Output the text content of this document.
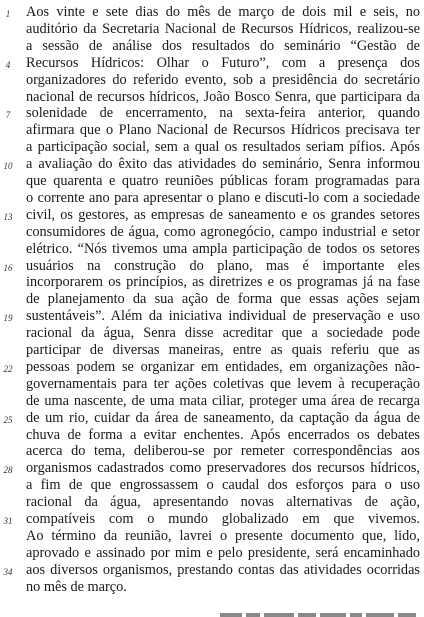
1 Aos vinte e sete dias do mês de março de dois mil e seis, no
auditório da Secretaria Nacional de Recursos Hídricos, realizou-se
a sessão de análise dos resultados do seminário “Gestão de
4 Recursos Hídricos: Olhar o Futuro”, com a presença dos
organizadores do referido evento, sob a presidência do secretário
nacional de recursos hídricos, João Bosco Senra, que participara da
7 solenidade de encerramento, na sexta-feira anterior, quando
afirmara que o Plano Nacional de Recursos Hídricos precisava ter
a participação social, sem a qual os resultados seriam pífios. Após
10 a avaliação do êxito das atividades do seminário, Senra informou
que quarenta e quatro reuniões públicas foram programadas para
o corrente ano para apresentar o plano e discuti-lo com a sociedade
13 civil, os gestores, as empresas de saneamento e os grandes setores
consumidores de água, como agronegócio, campo industrial e setor
elétrico. “Nós tivemos uma ampla participação de todos os setores
16 usuários na construção do plano, mas é importante eles
incorporarem os princípios, as diretrizes e os programas já na fase
de planejamento da sua ação de forma que essas ações sejam
19 sustentáveis”. Além da iniciativa individual de preservação e uso
racional da água, Senra disse acreditar que a sociedade pode
participar de diversas maneiras, entre as quais referiu que as
22 pessoas podem se organizar em entidades, em organizações não-
governamentais para ter ações coletivas que levem à recuperação
de uma nascente, de uma mata ciliar, proteger uma área de recarga
25 de um rio, cuidar da área de saneamento, da captação da água de
chuva de forma a evitar enchentes. Após encerrados os debates
acerca do tema, deliberou-se por remeter correspondências aos
28 organismos cadastrados como preservadores dos recursos hídricos,
a fim de que engrossassem o caudal dos esforços para o uso
racional da água, apresentando novas alternativas de ação,
31 compatíveis com o mundo globalizado em que vivemos.
Ao término da reunião, lavrei o presente documento que, lido,
aprovado e assinado por mim e pelo presidente, será encaminhado
34 aos diversos organismos, prestando contas das atividades ocorridas
no mês de março.
